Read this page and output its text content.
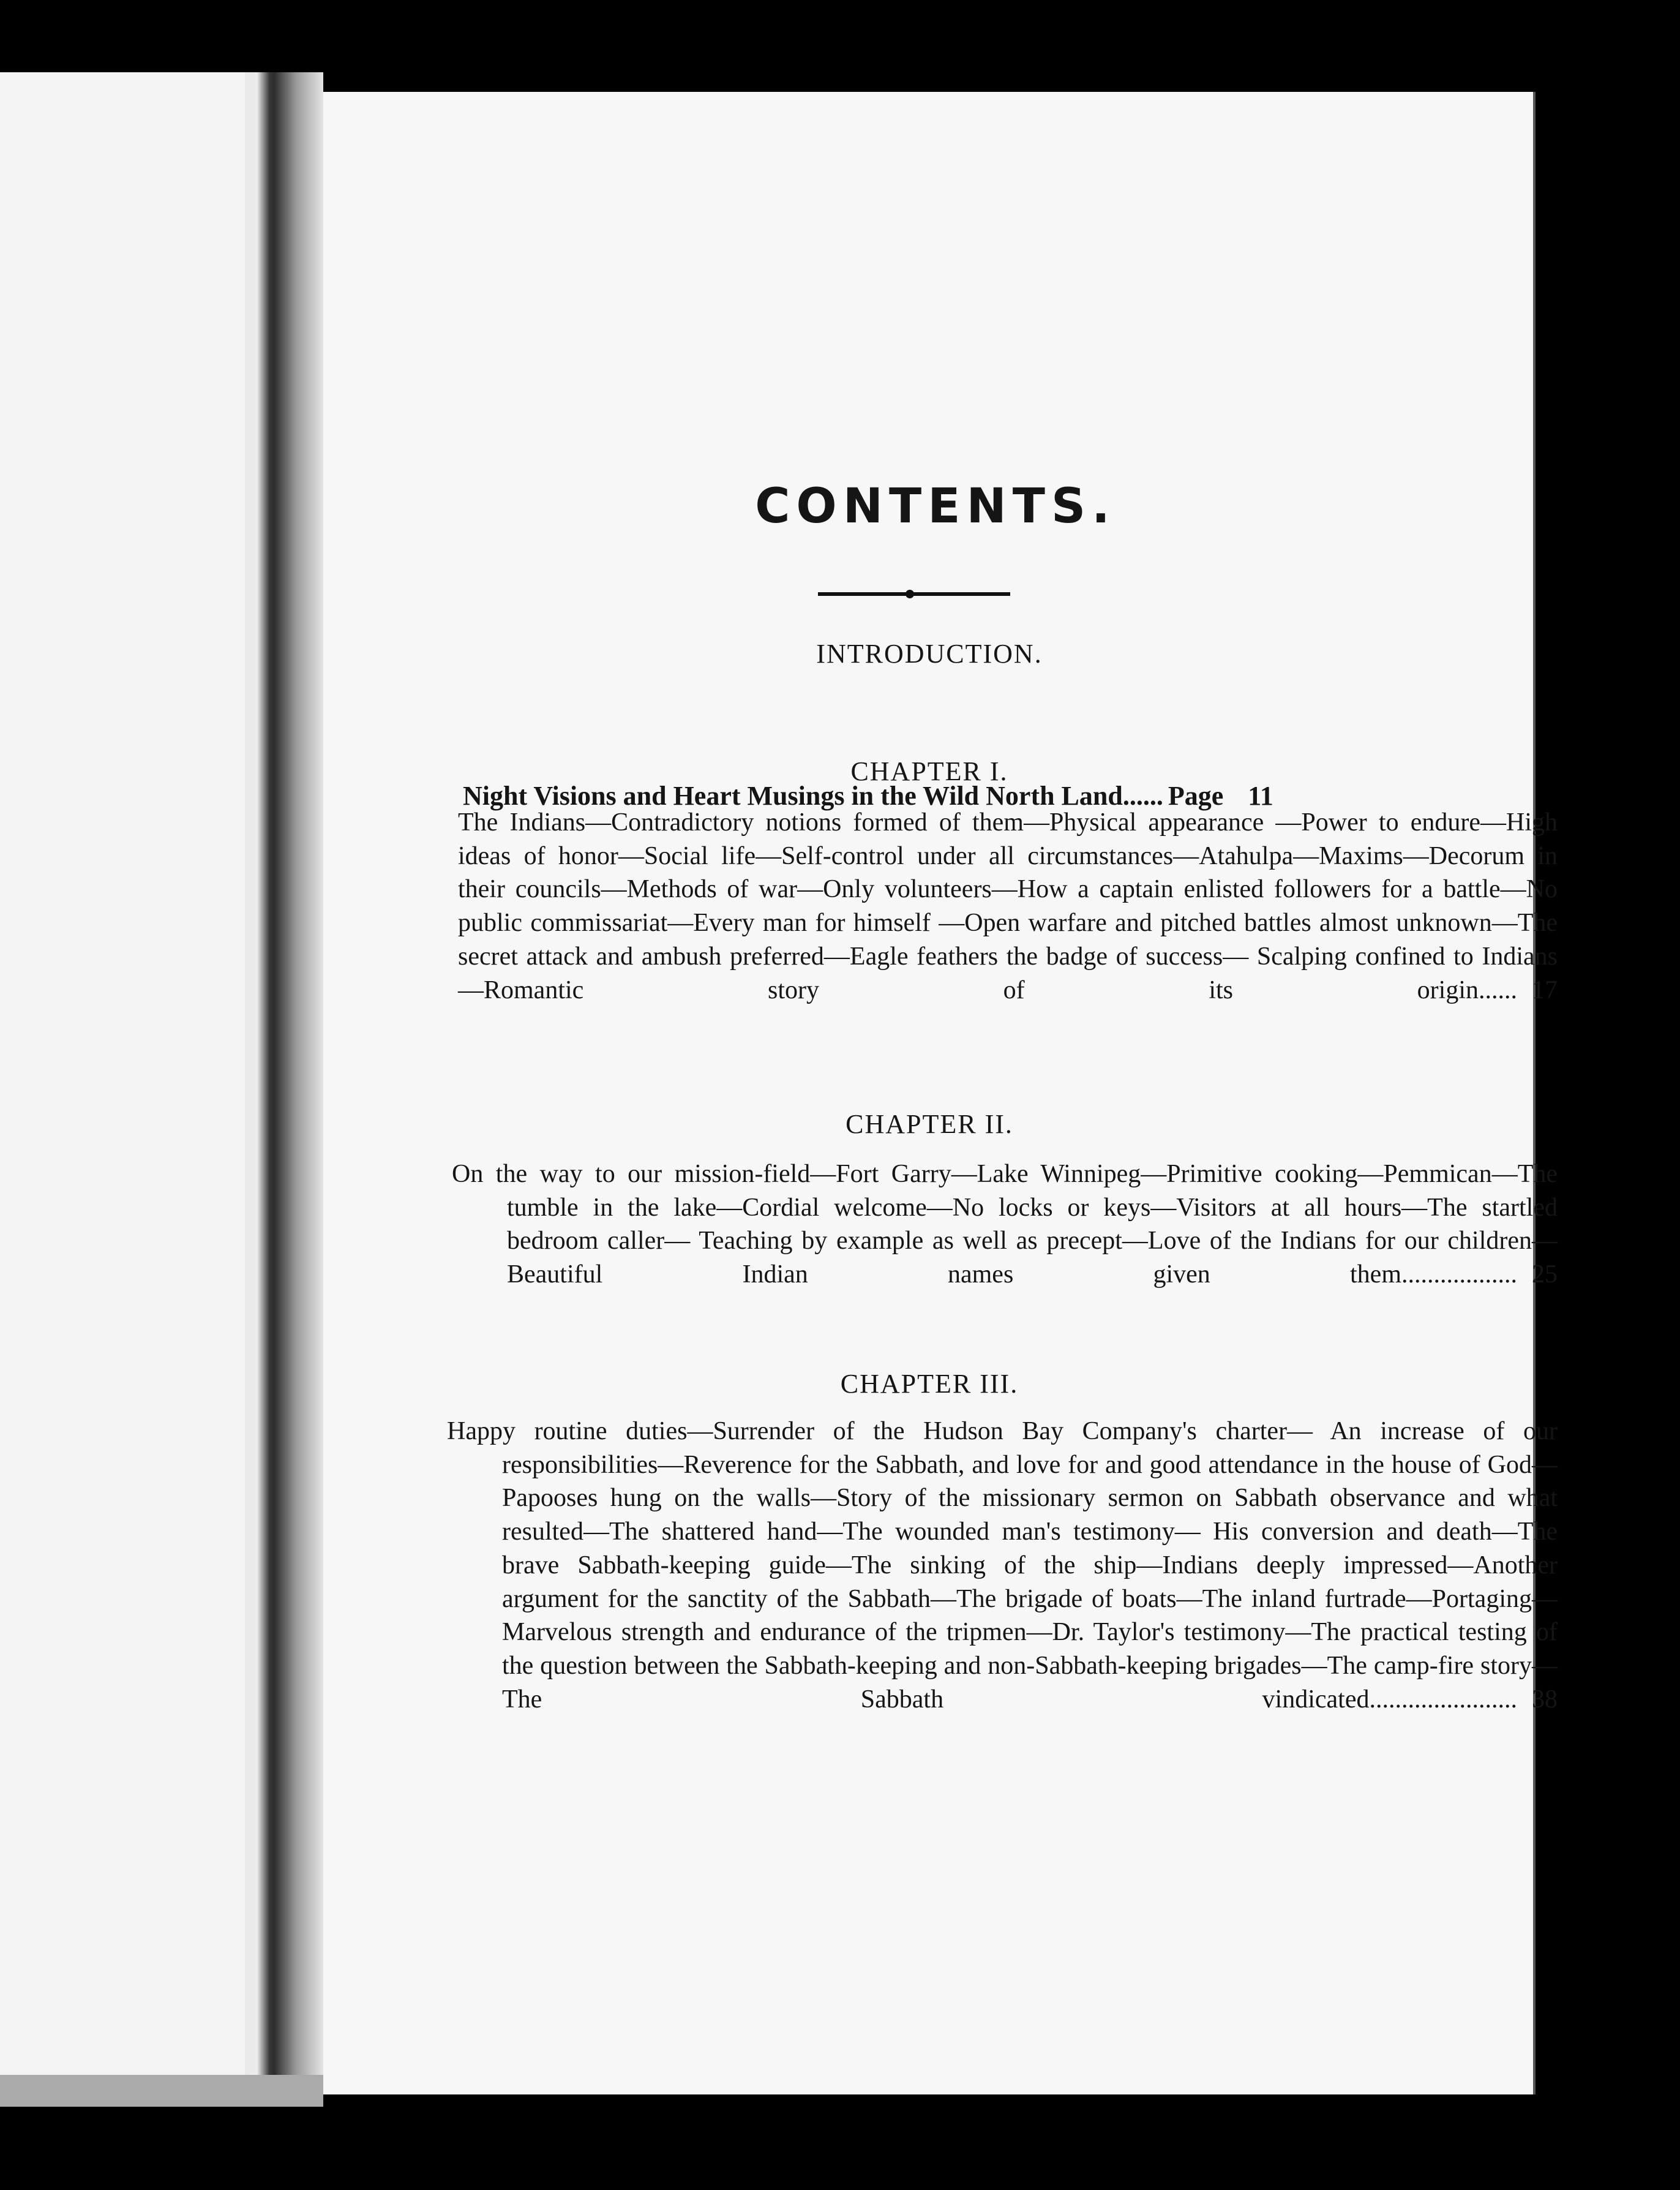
CONTENTS.
INTRODUCTION.
Night Visions and Heart Musings in the Wild North Land...... Page 11
CHAPTER I.
The Indians—Contradictory notions formed of them—Physical appearance —Power to endure—High ideas of honor—Social life—Self-control under all circumstances—Atahulpa—Maxims—Decorum in their councils—Methods of war—Only volunteers—How a captain enlisted followers for a battle—No public commissariat—Every man for himself —Open warfare and pitched battles almost unknown—The secret attack and ambush preferred—Eagle feathers the badge of success— Scalping confined to Indians—Romantic story of its origin...... 17
CHAPTER II.
On the way to our mission-field—Fort Garry—Lake Winnipeg—Primitive cooking—Pemmican—The tumble in the lake—Cordial welcome—No locks or keys—Visitors at all hours—The startled bedroom caller— Teaching by example as well as precept—Love of the Indians for our children—Beautiful Indian names given them.................. 25
CHAPTER III.
Happy routine duties—Surrender of the Hudson Bay Company's charter— An increase of our responsibilities—Reverence for the Sabbath, and love for and good attendance in the house of God—Papooses hung on the walls—Story of the missionary sermon on Sabbath observance and what resulted—The shattered hand—The wounded man's testimony— His conversion and death—The brave Sabbath-keeping guide—The sinking of the ship—Indians deeply impressed—Another argument for the sanctity of the Sabbath—The brigade of boats—The inland furtrade—Portaging—Marvelous strength and endurance of the tripmen—Dr. Taylor's testimony—The practical testing of the question between the Sabbath-keeping and non-Sabbath-keeping brigades—The camp-fire story—The Sabbath vindicated....................... 38
